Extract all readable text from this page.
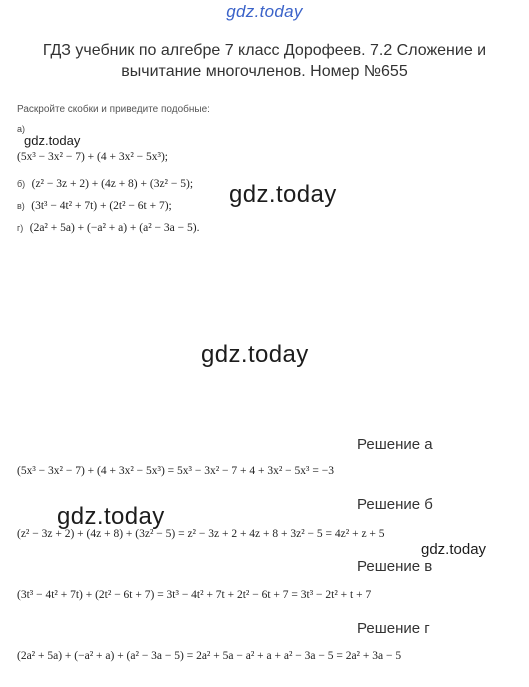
gdz.today
ГДЗ учебник по алгебре 7 класс Дорофеев. 7.2 Сложение и вычитание многочленов. Номер №655
Раскройте скобки и приведите подобные:
а)
gdz.today
(5x³ − 3x² − 7) + (4 + 3x² − 5x³);
б) (z² − 3z + 2) + (4z + 8) + (3z² − 5); gdz.today
в) (3t³ − 4t² + 7t) + (2t² − 6t + 7);
г) (2a² + 5a) + (−a² + a) + (a² − 3a − 5).
gdz.today
Решение а
(5x³ − 3x² − 7) + (4 + 3x² − 5x³) = 5x³ − 3x² − 7 + 4 + 3x² − 5x³ = −3
Решение б
gdz.today
(z² − 3z + 2) + (4z + 8) + (3z² − 5) = z² − 3z + 2 + 4z + 8 + 3z² − 5 = 4z² + z + 5
gdz.today
Решение в
(3t³ − 4t² + 7t) + (2t² − 6t + 7) = 3t³ − 4t² + 7t + 2t² − 6t + 7 = 3t³ − 2t² + t + 7
Решение г
(2a² + 5a) + (−a² + a) + (a² − 3a − 5) = 2a² + 5a − a² + a + a² − 3a − 5 = 2a² + 3a − 5
